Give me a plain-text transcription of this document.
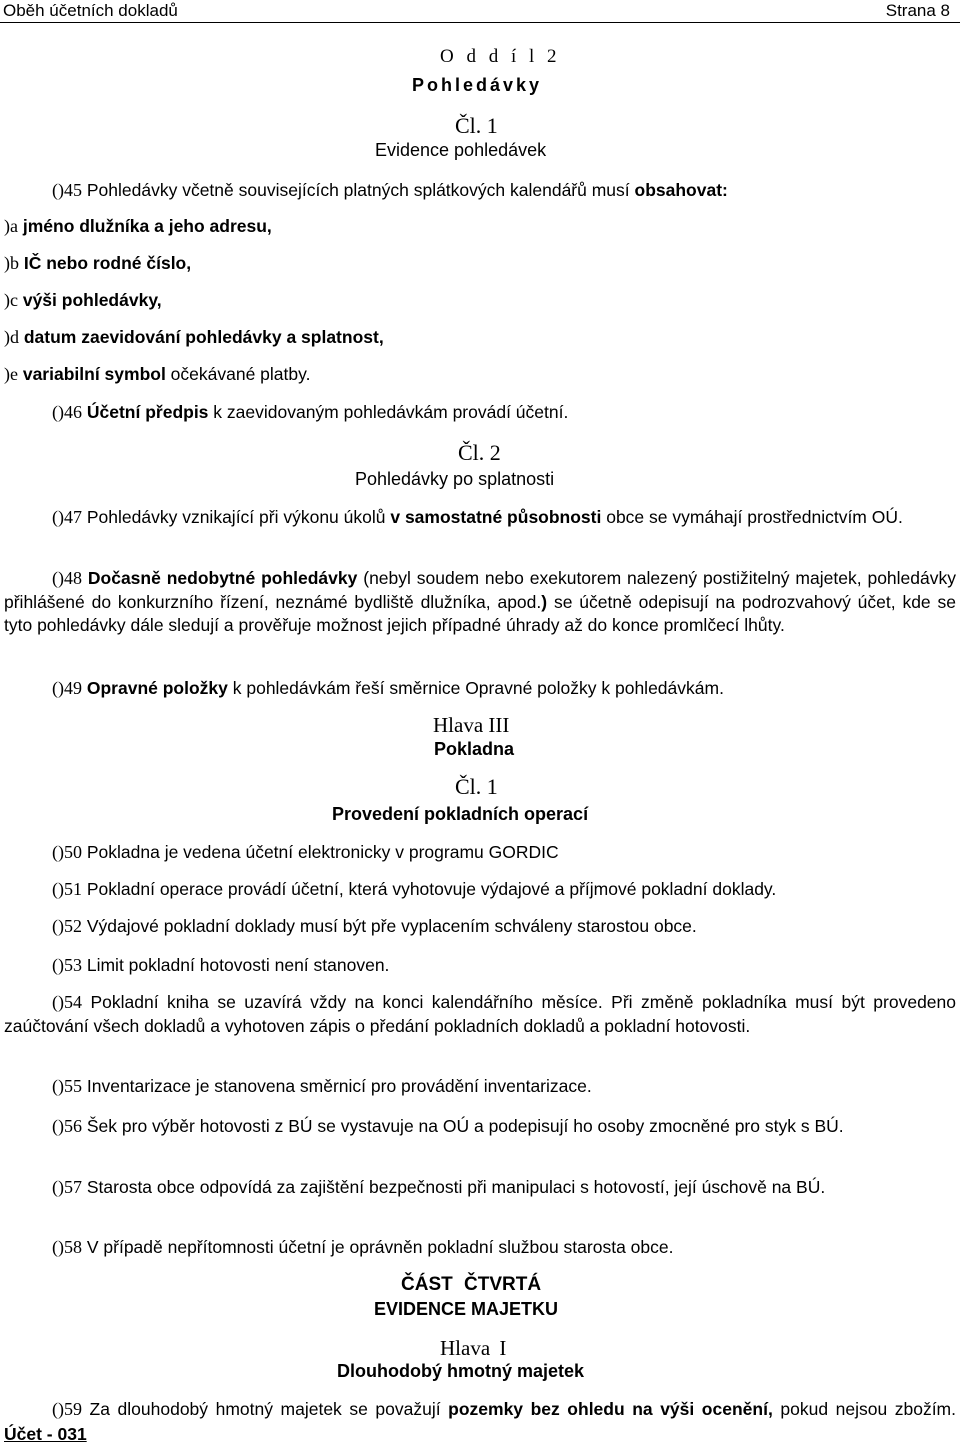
Oběh účetních dokladů	Strana 8
O d d í l 2
Pohledávky
Čl. 1
Evidence pohledávek
()45 Pohledávky včetně souvisejících platných splátkových kalendářů musí obsahovat:
)a jméno dlužníka a jeho adresu,
)b IČ nebo rodné číslo,
)c výši pohledávky,
)d datum zaevidování pohledávky a splatnost,
)e variabilní symbol očekávané platby.
()46 Účetní předpis k zaevidovaným pohledávkám provádí účetní.
Čl. 2
Pohledávky po splatnosti
()47 Pohledávky vznikající při výkonu úkolů v samostatné působnosti obce se vymáhají prostřednictvím OÚ.
()48 Dočasně nedobytné pohledávky (nebyl soudem nebo exekutorem nalezený postižitelný majetek, pohledávky přihlášené do konkurzního řízení, neznámé bydliště dlužníka, apod.) se účetně odepisují na podrozvahový účet, kde se tyto pohledávky dále sledují a prověřuje možnost jejich případné úhrady až do konce promlčecí lhůty.
()49 Opravné položky k pohledávkám řeší směrnice Opravné položky k pohledávkám.
Hlava III
Pokladna
Čl. 1
Provedení pokladních operací
()50 Pokladna je vedena účetní elektronicky v programu GORDIC
()51 Pokladní operace provádí účetní, která vyhotovuje výdajové a příjmové pokladní doklady.
()52 Výdajové pokladní doklady musí být pře vyplacením schváleny starostou obce.
()53 Limit pokladní hotovosti není stanoven.
()54 Pokladní kniha se uzavírá vždy na konci kalendářního měsíce. Při změně pokladníka musí být provedeno zaúčtování všech dokladů a vyhotoven zápis o předání pokladních dokladů a pokladní hotovosti.
()55 Inventarizace je stanovena směrnicí pro provádění inventarizace.
()56 Šek pro výběr hotovosti z BÚ se vystavuje na OÚ a podepisují ho osoby zmocněné pro styk s BÚ.
()57 Starosta obce odpovídá za zajištění bezpečnosti při manipulaci s hotovostí, její úschově na BÚ.
()58 V případě nepřítomnosti účetní je oprávněn pokladní službou starosta obce.
ČÁST ČTVRTÁ
EVIDENCE MAJETKU
Hlava I
Dlouhodobý hmotný majetek
()59 Za dlouhodobý hmotný majetek se považují pozemky bez ohledu na výši ocenění, pokud nejsou zbožím. Účet - 031
